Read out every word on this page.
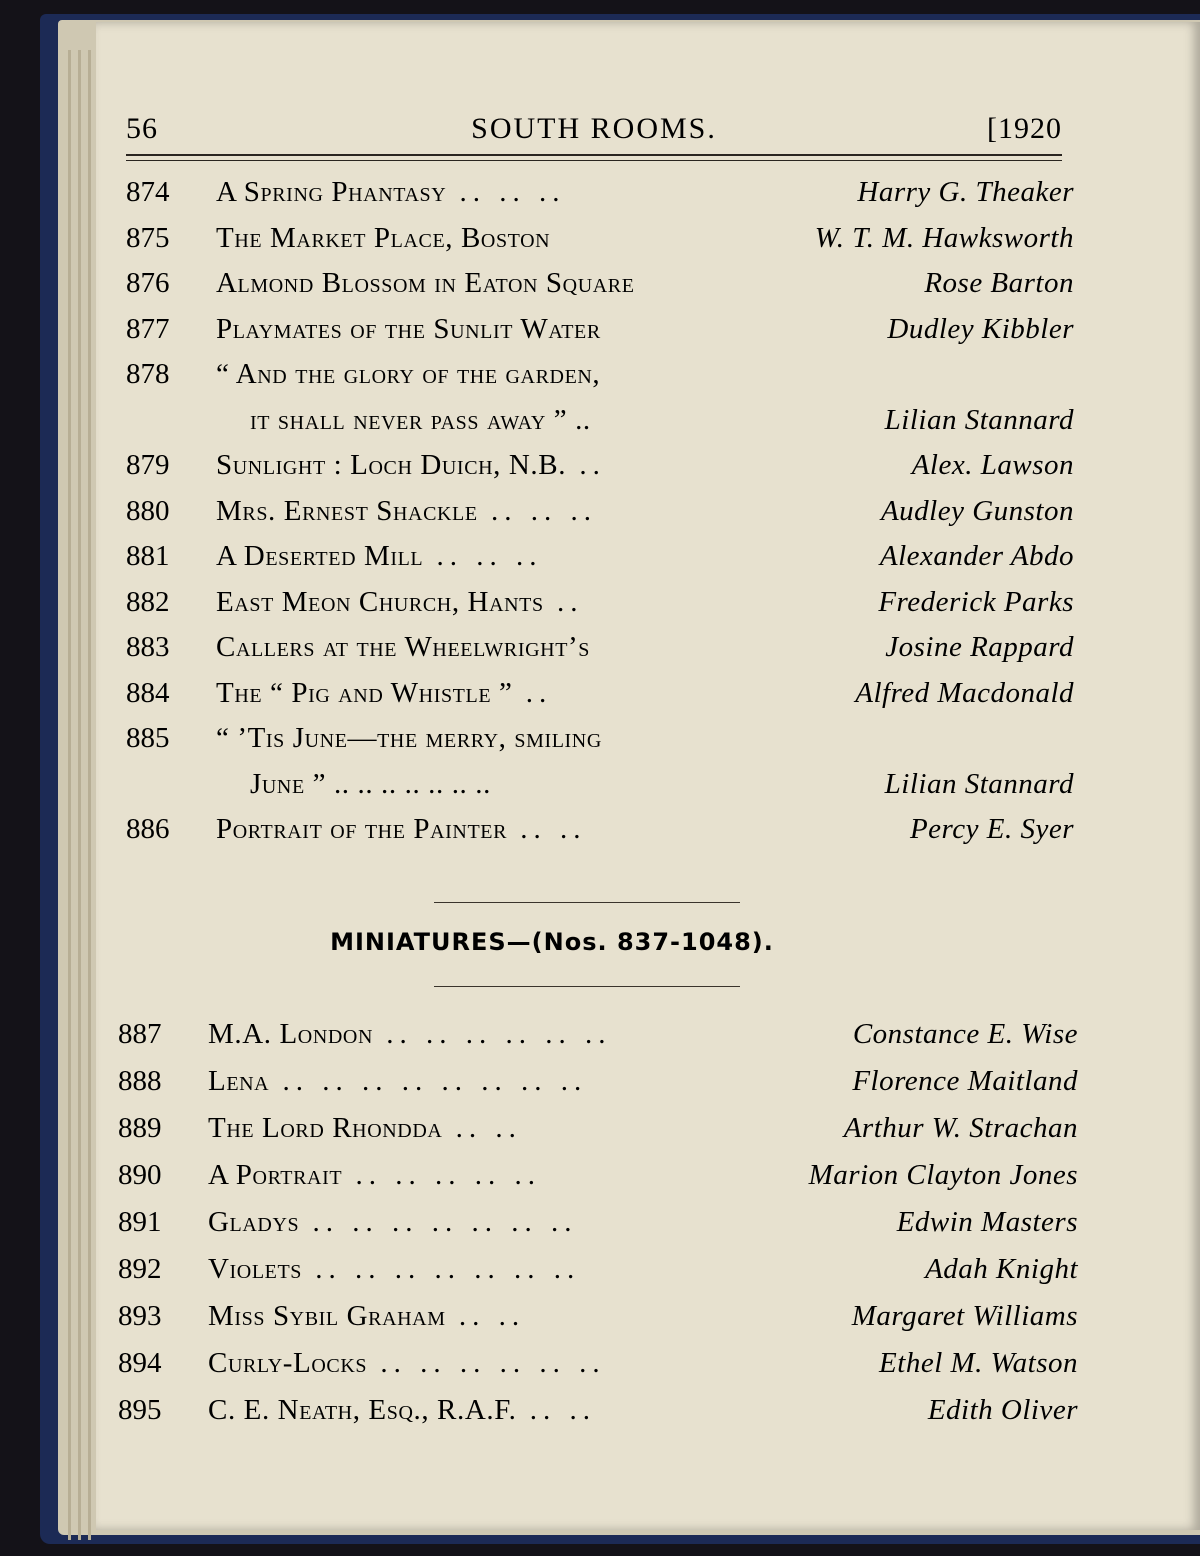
56	SOUTH ROOMS.	[1920
874	A Spring Phantasy .. .. ..	Harry G. Theaker
875	The Market Place, Boston	W. T. M. Hawksworth
876	Almond Blossom in Eaton Square	Rose Barton
877	Playmates of the Sunlit Water	Dudley Kibbler
878	“ And the glory of the garden,
it shall never pass away ” ..	Lilian Stannard
879	Sunlight : Loch Duich, N.B. ..	Alex. Lawson
880	Mrs. Ernest Shackle .. .. ..	Audley Gunston
881	A Deserted Mill .. .. ..	Alexander Abdo
882	East Meon Church, Hants ..	Frederick Parks
883	Callers at the Wheelwright’s	Josine Rappard
884	The “ Pig and Whistle ” ..	Alfred Macdonald
885	“ ’Tis June—the merry, smiling
June ” .. .. .. .. .. .. ..	Lilian Stannard
886	Portrait of the Painter .. ..	Percy E. Syer
MINIATURES—(Nos. 837-1048).
887	M.A. London .. .. .. .. .. ..	Constance E. Wise
888	Lena .. .. .. .. .. .. .. ..	Florence Maitland
889	The Lord Rhondda .. ..	Arthur W. Strachan
890	A Portrait .. .. .. .. ..	Marion Clayton Jones
891	Gladys .. .. .. .. .. .. ..	Edwin Masters
892	Violets .. .. .. .. .. .. ..	Adah Knight
893	Miss Sybil Graham .. ..	Margaret Williams
894	Curly-Locks .. .. .. .. .. ..	Ethel M. Watson
895	C. E. Neath, Esq., R.A.F. .. ..	Edith Oliver
